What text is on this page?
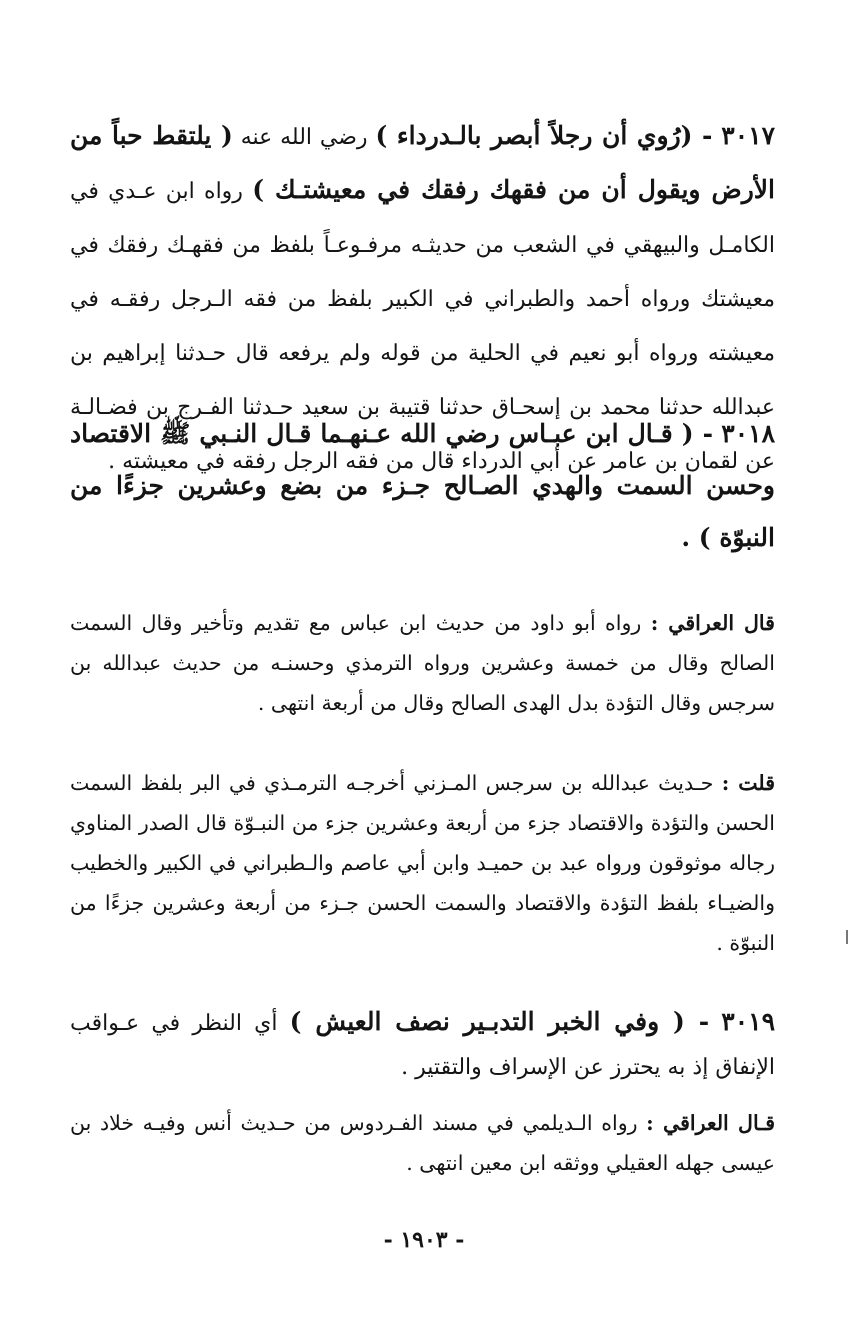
٣٠١٧ - (رُوي أن رجلاً أبصر بالـدرداء ) رضي الله عنه ( يلتقط حباً من الأرض ويقول أن من فقهك رفقك في معيشتـك ) رواه ابن عـدي في الكامـل والبيهقي في الشعب من حديثـه مرفـوعـاً بلفظ من فقهـك رفقك في معيشتك ورواه أحمد والطبراني في الكبير بلفظ من فقه الـرجل رفقـه في معيشته ورواه أبو نعيم في الحلية من قوله ولم يرفعه قال حـدثنا إبراهيم بن عبدالله حدثنا محمد بن إسحـاق حدثنا قتيبة بن سعيد حـدثنا الفـرج بن فضـالـة عن لقمان بن عامر عن أبي الدرداء قال من فقه الرجل رفقه في معيشته .
٣٠١٨ - ( قـال ابن عبـاس رضي الله عـنهـما قـال النـبي ﷺ الاقتصاد وحسن السمت والهدي الصـالح جـزء من بضع وعشرين جزءًا من النبوّة ) .
قال العراقي : رواه أبو داود من حديث ابن عباس مع تقديم وتأخير وقال السمت الصالح وقال من خمسة وعشرين ورواه الترمذي وحسنـه من حديث عبدالله بن سرجس وقال التؤدة بدل الهدى الصالح وقال من أربعة انتهى .
قلت : حـديث عبدالله بن سرجس المـزني أخرجـه الترمـذي في البر بلفظ السمت الحسن والتؤدة والاقتصاد جزء من أربعة وعشرين جزء من النبـوّة قال الصدر المناوي رجاله موثوقون ورواه عبد بن حميـد وابن أبي عاصم والـطبراني في الكبير والخطيب والضيـاء بلفظ التؤدة والاقتصاد والسمت الحسن جـزء من أربعة وعشرين جزءًا من النبوّة .
٣٠١٩ - ( وفي الخبر التدبـير نصف العيش ) أي النظر في عـواقب الإنفاق إذ به يحترز عن الإسراف والتقتير .
قـال العراقي : رواه الـديلمي في مسند الفـردوس من حـديث أنس وفيـه خلاد بن عيسى جهله العقيلي ووثقه ابن معين انتهى .
- ١٩٠٣ -
